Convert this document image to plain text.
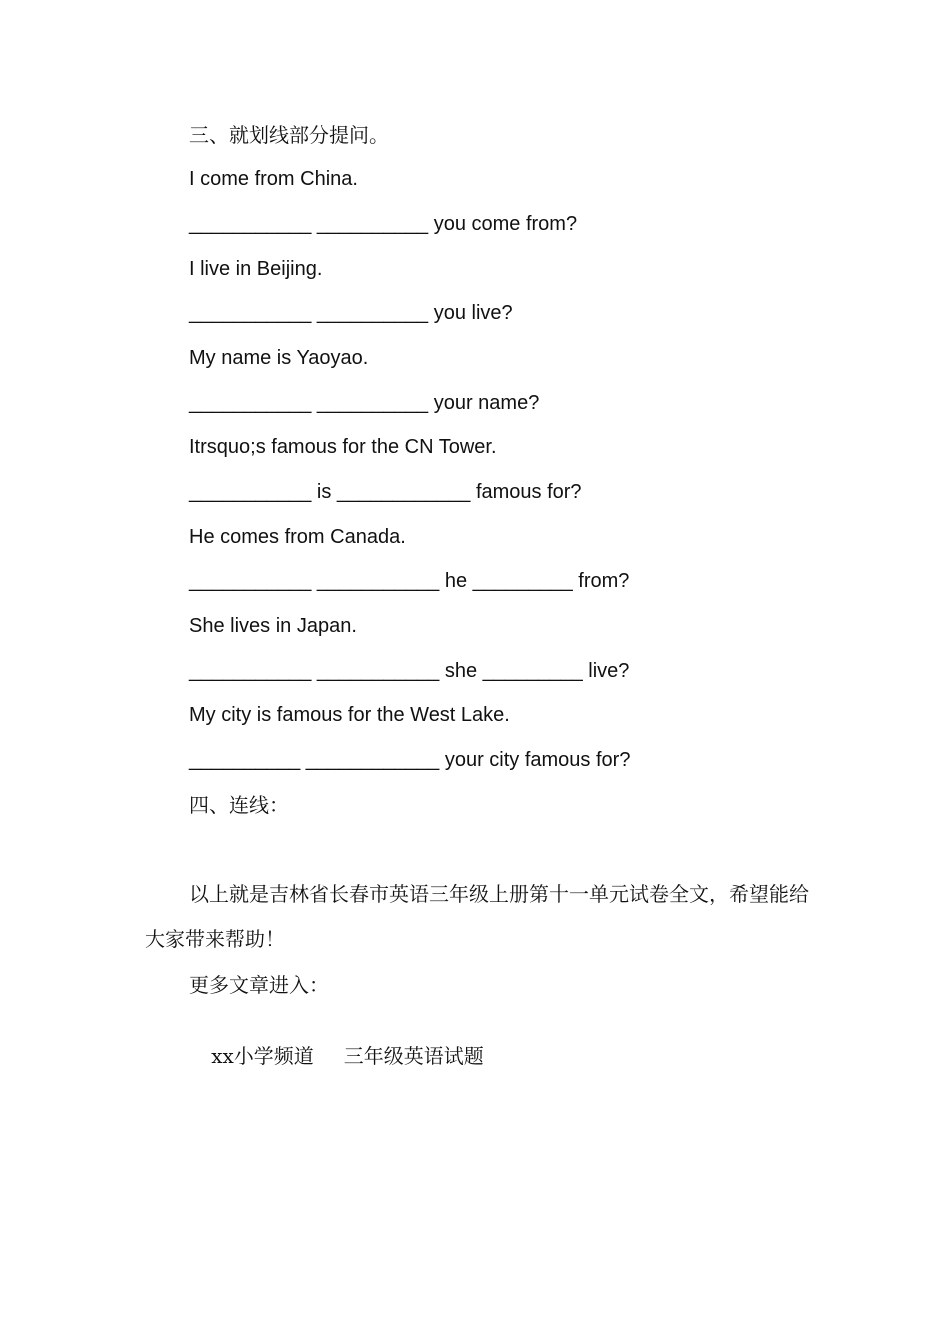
三、就划线部分提问。
I come from China.
___________ __________ you come from?
I live in Beijing.
___________ __________ you live?
My name is Yaoyao.
___________ __________ your name?
Itrsquo;s famous for the CN Tower.
___________ is ____________ famous for?
He comes from Canada.
___________ ___________ he _________ from?
She lives in Japan.
___________ ___________ she _________ live?
My city is famous for the West Lake.
__________ ____________ your city famous for?
四、连线：
以上就是吉林省长春市英语三年级上册第十一单元试卷全文，希望能给大家带来帮助！
更多文章进入：

xx小学频道 三年级英语试题
